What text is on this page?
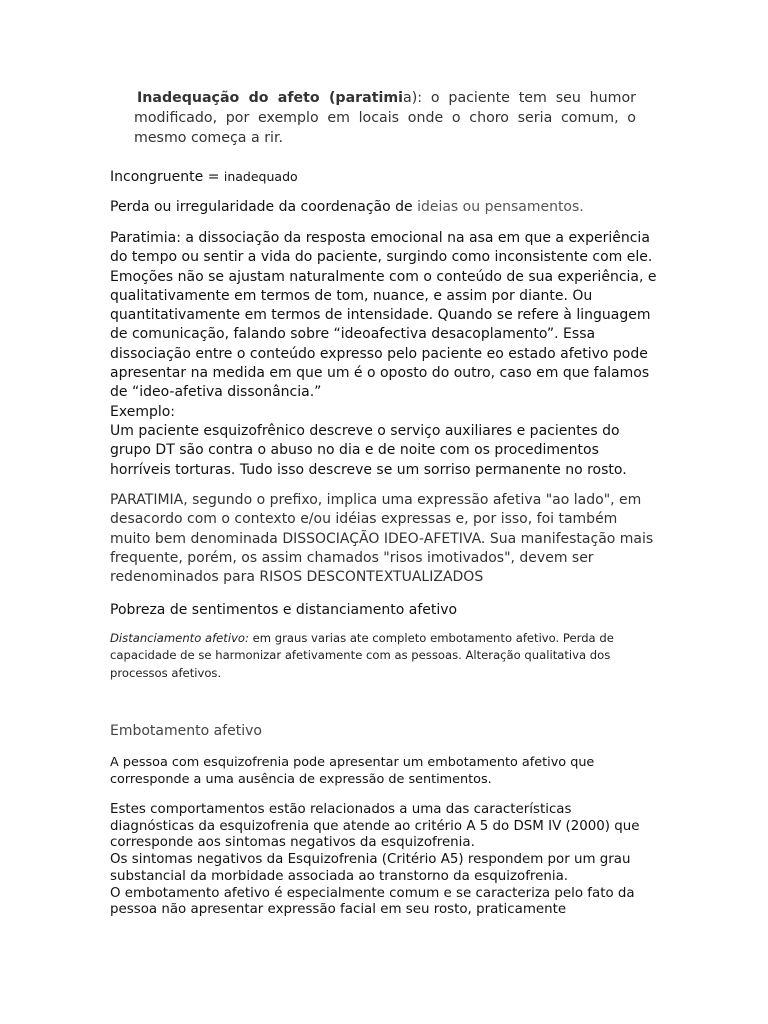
Inadequação do afeto (paratimia): o paciente tem seu humor modificado, por exemplo em locais onde o choro seria comum, o mesmo começa a rir.

Incongruente = inadequado

Perda ou irregularidade da coordenação de ideias ou pensamentos.

Paratimia: a dissociação da resposta emocional na asa em que a experiência do tempo ou sentir a vida do paciente, surgindo como inconsistente com ele. Emoções não se ajustam naturalmente com o conteúdo de sua experiência, e qualitativamente em termos de tom, nuance, e assim por diante. Ou quantitativamente em termos de intensidade. Quando se refere à linguagem de comunicação, falando sobre “ideoafectiva desacoplamento”. Essa dissociação entre o conteúdo expresso pelo paciente eo estado afetivo pode apresentar na medida em que um é o oposto do outro, caso em que falamos de “ideo-afetiva dissonância.”

Exemplo:

Um paciente esquizofrênico descreve o serviço auxiliares e pacientes do grupo DT são contra o abuso no dia e de noite com os procedimentos horríveis torturas. Tudo isso descreve se um sorriso permanente no rosto.

PARATIMIA, segundo o prefixo, implica uma expressão afetiva "ao lado", em desacordo com o contexto e/ou idéias expressas e, por isso, foi também muito bem denominada DISSOCIAÇÃO IDEO-AFETIVA. Sua manifestação mais frequente, porém, os assim chamados "risos imotivados", devem ser redenominados para RISOS DESCONTEXTUALIZADOS

Pobreza de sentimentos e distanciamento afetivo

Distanciamento afetivo: em graus varias ate completo embotamento afetivo. Perda de capacidade de se harmonizar afetivamente com as pessoas. Alteração qualitativa dos processos afetivos.

Embotamento afetivo

A pessoa com esquizofrenia pode apresentar um embotamento afetivo que corresponde a uma ausência de expressão de sentimentos.

Estes comportamentos estão relacionados a uma das características diagnósticas da esquizofrenia que atende ao critério A 5 do DSM IV (2000) que corresponde aos sintomas negativos da esquizofrenia.

Os sintomas negativos da Esquizofrenia (Critério A5) respondem por um grau substancial da morbidade associada ao transtorno da esquizofrenia.

O embotamento afetivo é especialmente comum e se caracteriza pelo fato da pessoa não apresentar expressão facial em seu rosto, praticamente
